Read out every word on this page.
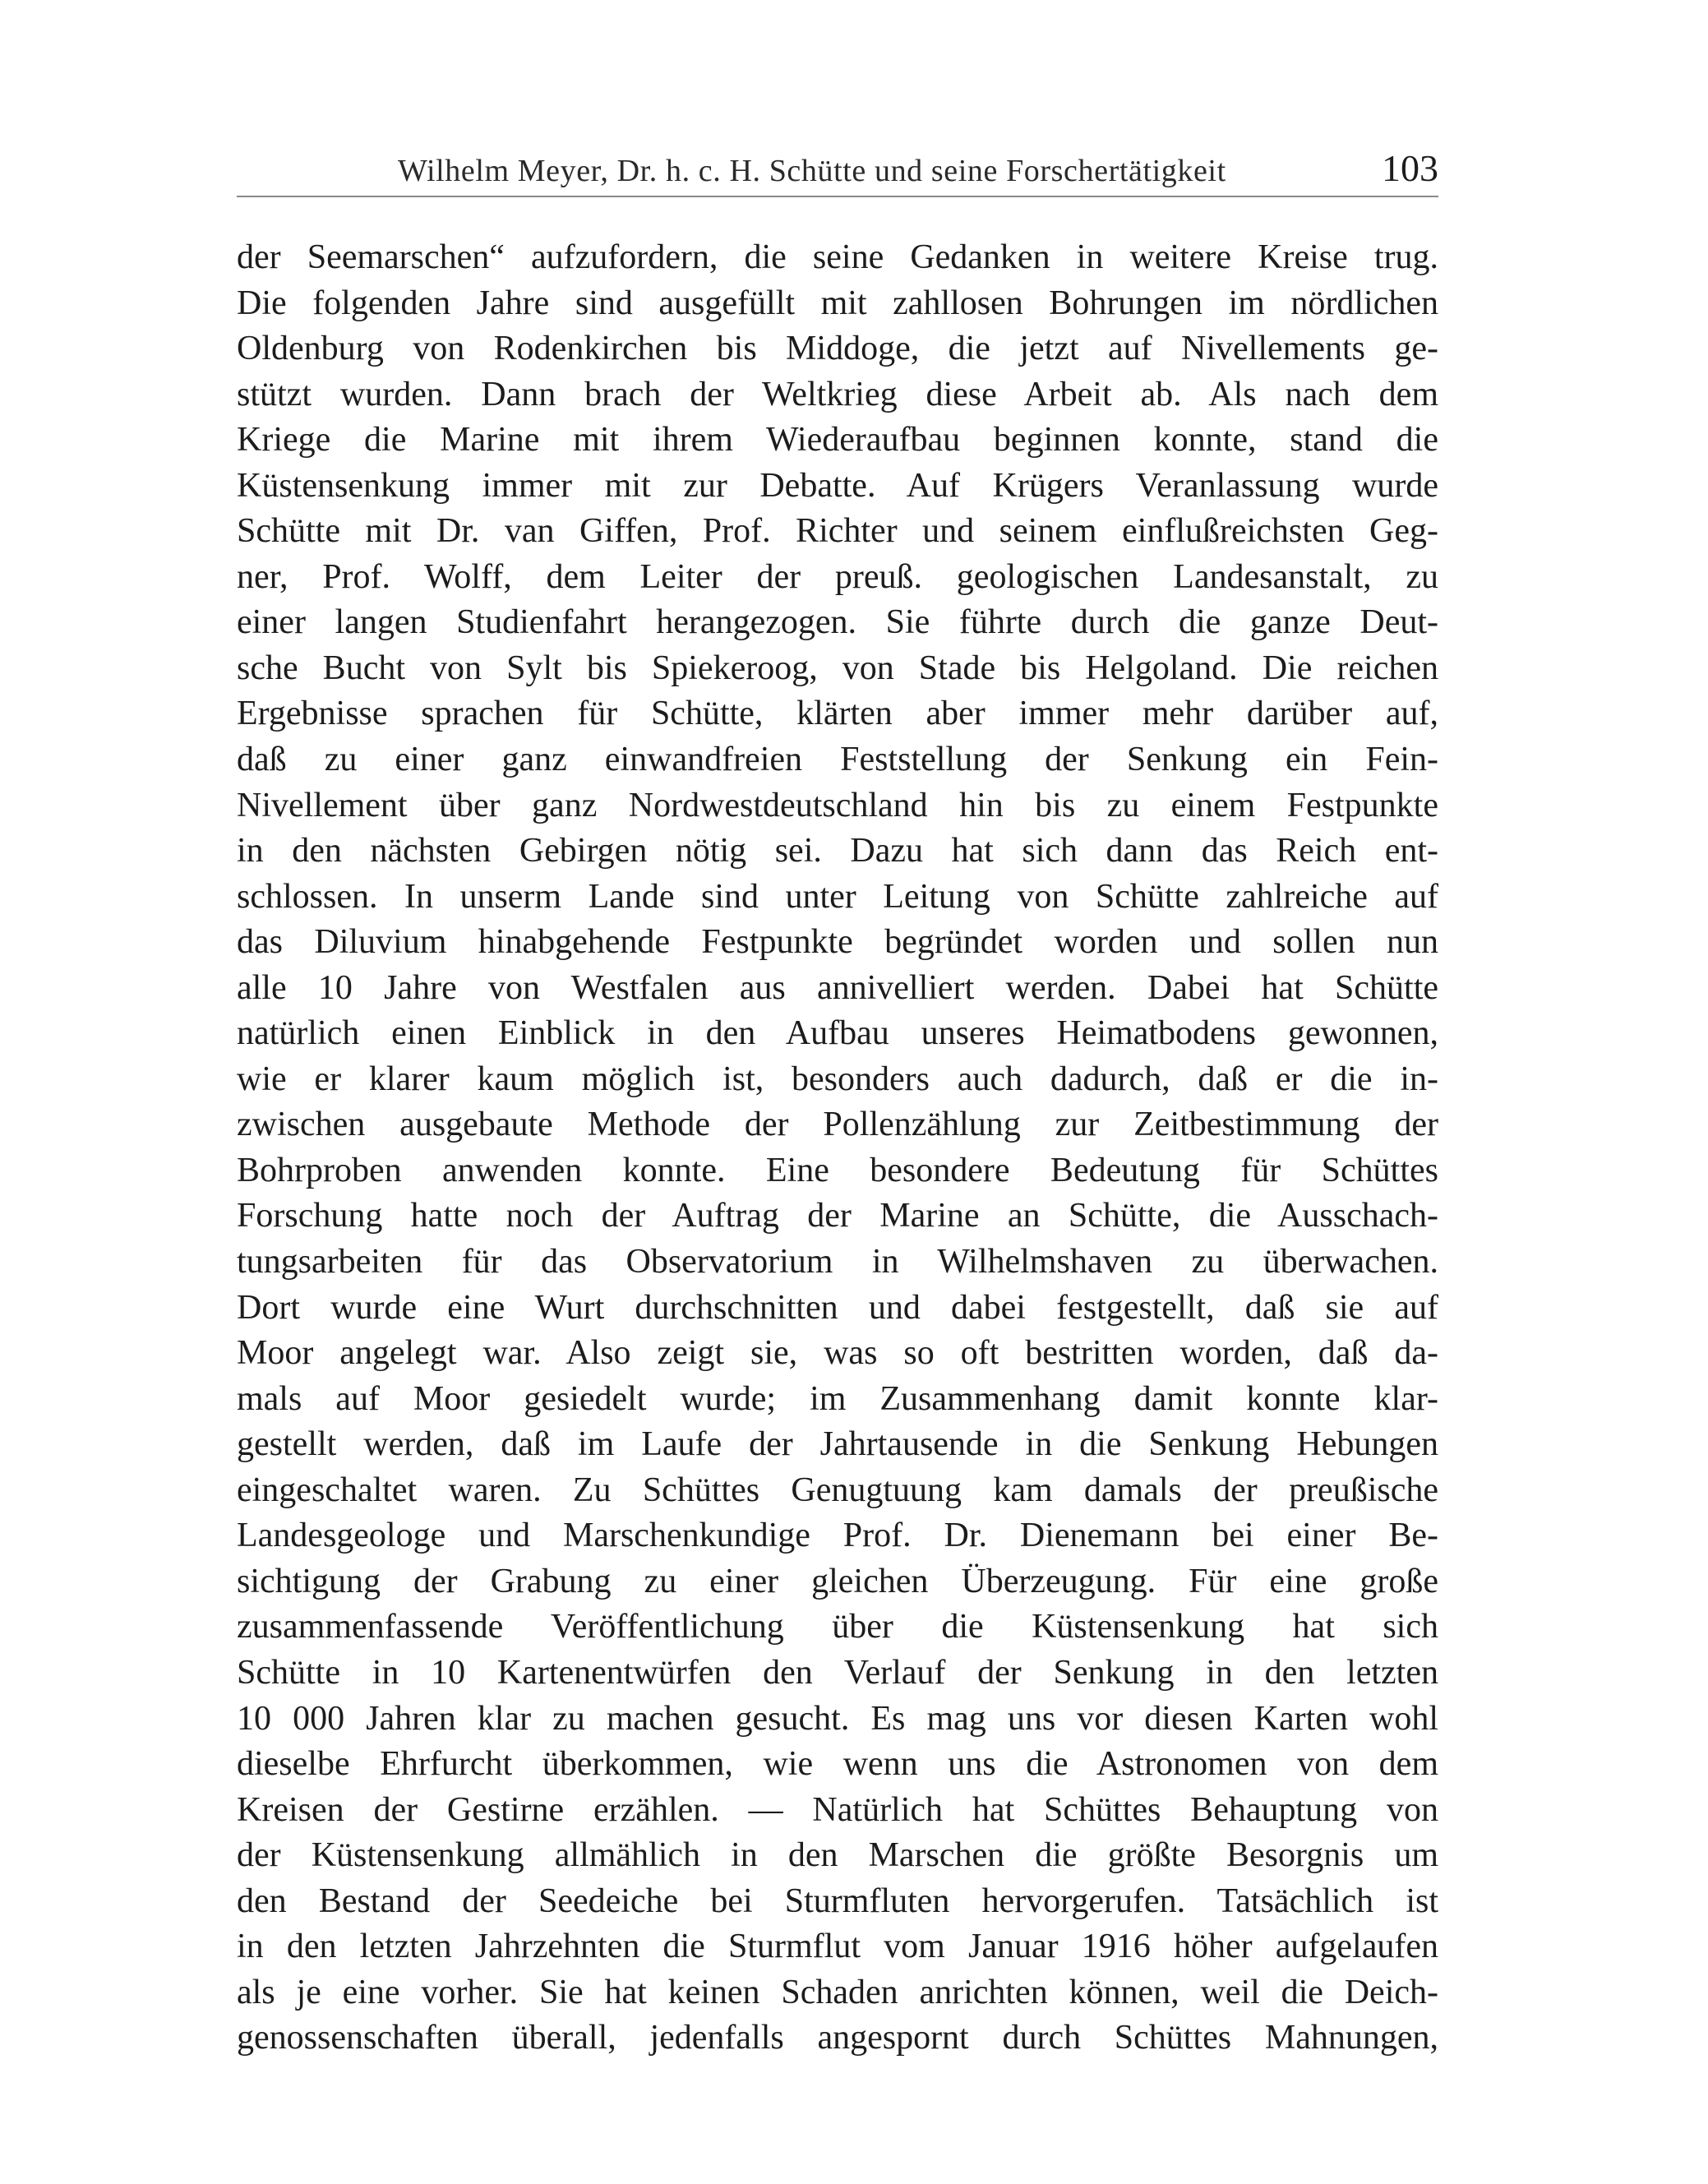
Wilhelm Meyer, Dr. h. c. H. Schütte und seine Forschertätigkeit	103
der Seemarschen“ aufzufordern, die seine Gedanken in weitere Kreise trug.
Die folgenden Jahre sind ausgefüllt mit zahllosen Bohrungen im nördlichen
Oldenburg von Rodenkirchen bis Middoge, die jetzt auf Nivellements ge-
stützt wurden. Dann brach der Weltkrieg diese Arbeit ab. Als nach dem
Kriege die Marine mit ihrem Wiederaufbau beginnen konnte, stand die
Küstensenkung immer mit zur Debatte. Auf Krügers Veranlassung wurde
Schütte mit Dr. van Giffen, Prof. Richter und seinem einflußreichsten Geg-
ner, Prof. Wolff, dem Leiter der preuß. geologischen Landesanstalt, zu
einer langen Studienfahrt herangezogen. Sie führte durch die ganze Deut-
sche Bucht von Sylt bis Spiekeroog, von Stade bis Helgoland. Die reichen
Ergebnisse sprachen für Schütte, klärten aber immer mehr darüber auf,
daß zu einer ganz einwandfreien Feststellung der Senkung ein Fein-
Nivellement über ganz Nordwestdeutschland hin bis zu einem Festpunkte
in den nächsten Gebirgen nötig sei. Dazu hat sich dann das Reich ent-
schlossen. In unserm Lande sind unter Leitung von Schütte zahlreiche auf
das Diluvium hinabgehende Festpunkte begründet worden und sollen nun
alle 10 Jahre von Westfalen aus annivelliert werden. Dabei hat Schütte
natürlich einen Einblick in den Aufbau unseres Heimatbodens gewonnen,
wie er klarer kaum möglich ist, besonders auch dadurch, daß er die in-
zwischen ausgebaute Methode der Pollenzählung zur Zeitbestimmung der
Bohrproben anwenden konnte. Eine besondere Bedeutung für Schüttes
Forschung hatte noch der Auftrag der Marine an Schütte, die Ausschach-
tungsarbeiten für das Observatorium in Wilhelmshaven zu überwachen.
Dort wurde eine Wurt durchschnitten und dabei festgestellt, daß sie auf
Moor angelegt war. Also zeigt sie, was so oft bestritten worden, daß da-
mals auf Moor gesiedelt wurde; im Zusammenhang damit konnte klar-
gestellt werden, daß im Laufe der Jahrtausende in die Senkung Hebungen
eingeschaltet waren. Zu Schüttes Genugtuung kam damals der preußische
Landesgeologe und Marschenkundige Prof. Dr. Dienemann bei einer Be-
sichtigung der Grabung zu einer gleichen Überzeugung. Für eine große
zusammenfassende Veröffentlichung über die Küstensenkung hat sich
Schütte in 10 Kartenentwürfen den Verlauf der Senkung in den letzten
10 000 Jahren klar zu machen gesucht. Es mag uns vor diesen Karten wohl
dieselbe Ehrfurcht überkommen, wie wenn uns die Astronomen von dem
Kreisen der Gestirne erzählen. — Natürlich hat Schüttes Behauptung von
der Küstensenkung allmählich in den Marschen die größte Besorgnis um
den Bestand der Seedeiche bei Sturmfluten hervorgerufen. Tatsächlich ist
in den letzten Jahrzehnten die Sturmflut vom Januar 1916 höher aufgelaufen
als je eine vorher. Sie hat keinen Schaden anrichten können, weil die Deich-
genossenschaften überall, jedenfalls angespornt durch Schüttes Mahnungen,
